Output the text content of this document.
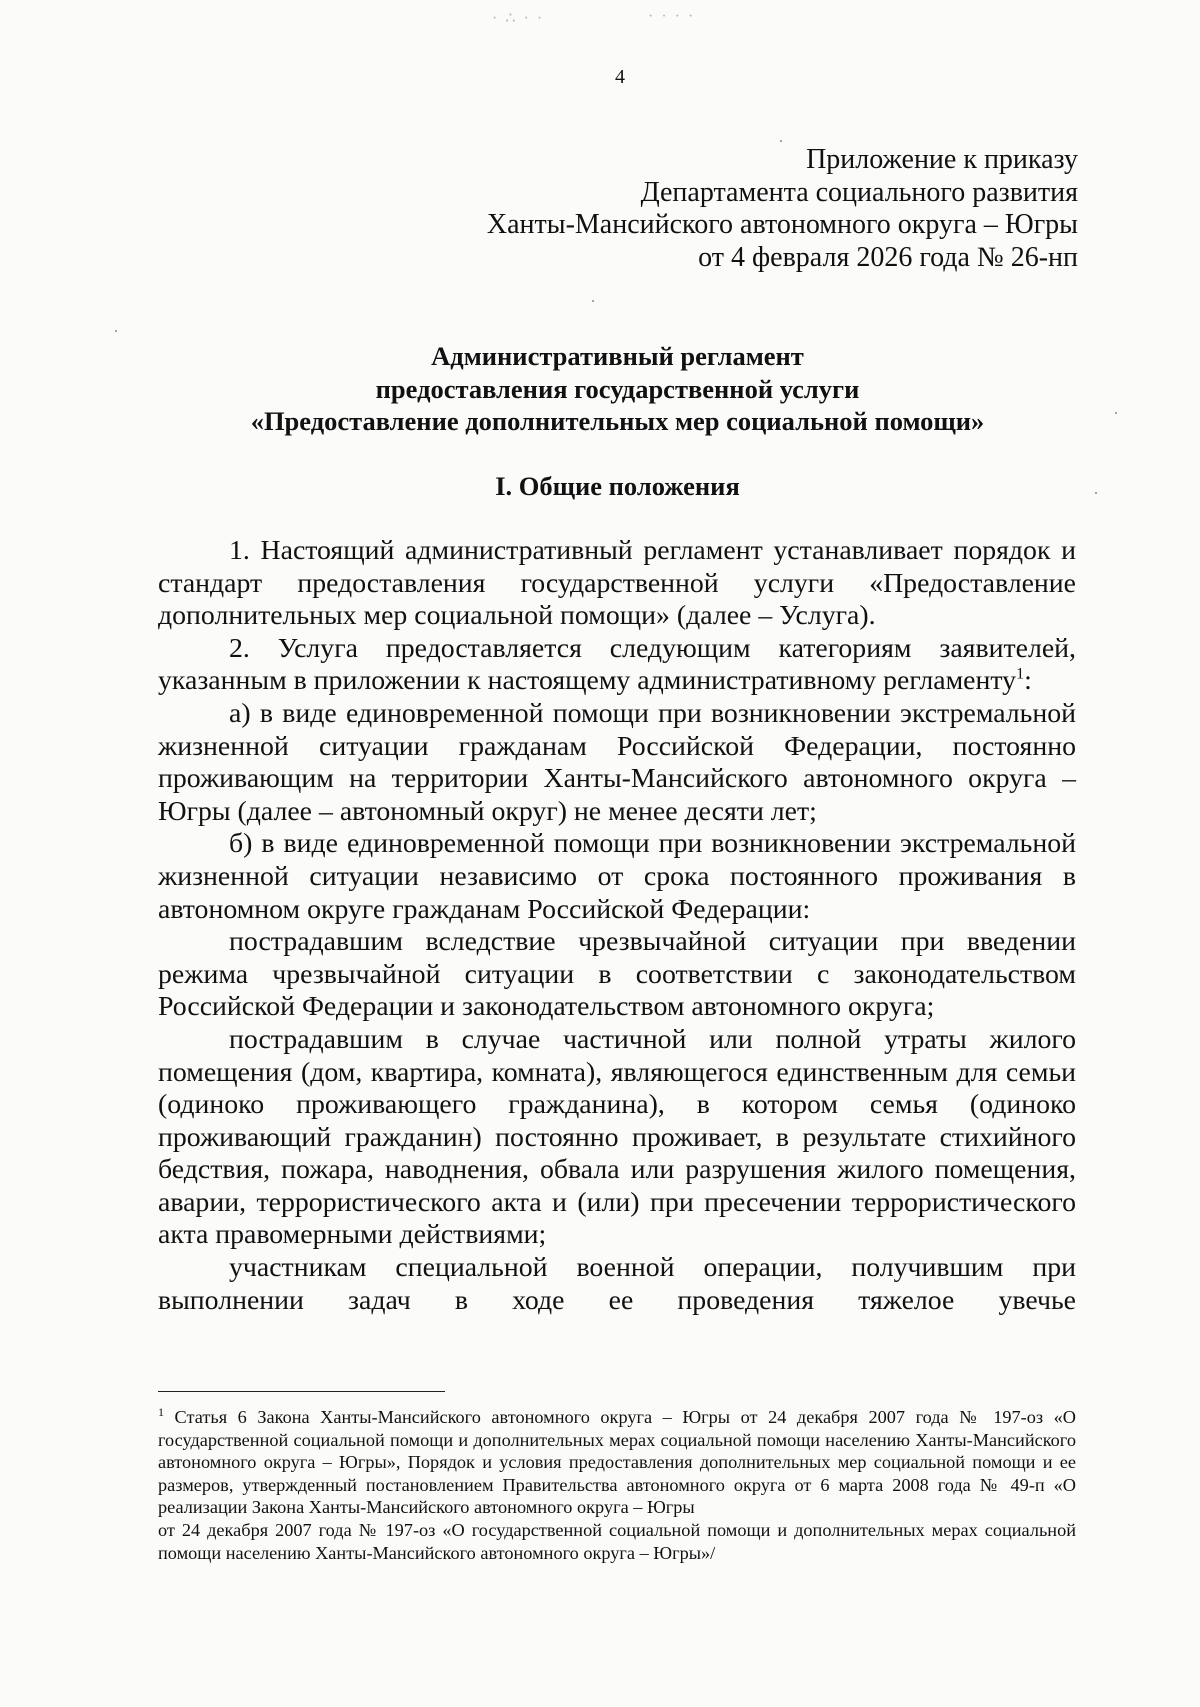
· ∴ · ·	· · · ·
4
Приложение к приказу
Департамента социального развития
Ханты-Мансийского автономного округа – Югры
от 4 февраля 2026 года № 26-нп
Административный регламент
предоставления государственной услуги
«Предоставление дополнительных мер социальной помощи»
I. Общие положения

1. Настоящий административный регламент устанавливает порядок и стандарт предоставления государственной услуги «Предоставление дополнительных мер социальной помощи» (далее – Услуга).

2. Услуга предоставляется следующим категориям заявителей, указанным в приложении к настоящему административному регламенту$^1$:

а) в виде единовременной помощи при возникновении экстремальной жизненной ситуации гражданам Российской Федерации, постоянно проживающим на территории Ханты-Мансийского автономного округа – Югры (далее – автономный округ) не менее десяти лет;

б) в виде единовременной помощи при возникновении экстремальной жизненной ситуации независимо от срока постоянного проживания в автономном округе гражданам Российской Федерации:

пострадавшим вследствие чрезвычайной ситуации при введении режима чрезвычайной ситуации в соответствии с законодательством Российской Федерации и законодательством автономного округа;

пострадавшим в случае частичной или полной утраты жилого помещения (дом, квартира, комната), являющегося единственным для семьи (одиноко проживающего гражданина), в котором семья (одиноко проживающий гражданин) постоянно проживает, в результате стихийного бедствия, пожара, наводнения, обвала или разрушения жилого помещения, аварии, террористического акта и (или) при пресечении террористического акта правомерными действиями;

участникам специальной военной операции, получившим при выполнении задач в ходе ее проведения тяжелое увечье

$^1$ Статья 6 Закона Ханты-Мансийского автономного округа – Югры от 24 декабря 2007 года № 197-оз «О государственной социальной помощи и дополнительных мерах социальной помощи населению Ханты-Мансийского автономного округа – Югры», Порядок и условия предоставления дополнительных мер социальной помощи и ее размеров, утвержденный постановлением Правительства автономного округа от 6 марта 2008 года № 49-п «О реализации Закона Ханты-Мансийского автономного округа – Югры

от 24 декабря 2007 года № 197-оз «О государственной социальной помощи и дополнительных мерах социальной помощи населению Ханты-Мансийского автономного округа – Югры»/
